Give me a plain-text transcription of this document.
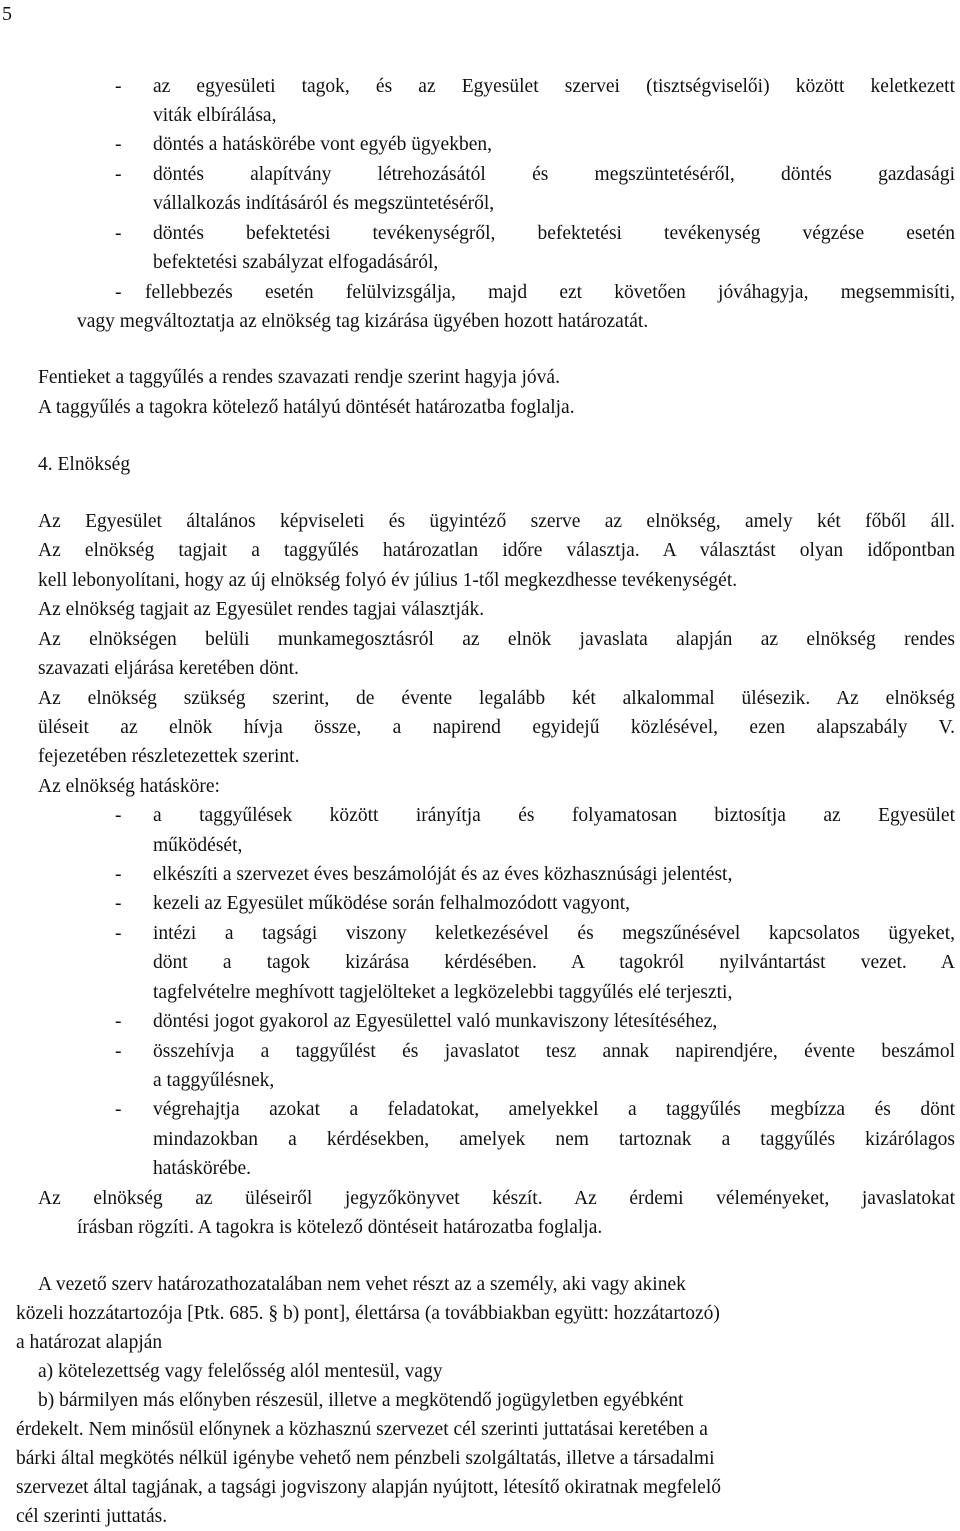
5
- az egyesületi tagok, és az Egyesület szervei (tisztségviselői) között keletkezett
viták elbírálása,
- döntés a hatáskörébe vont egyéb ügyekben,
- döntés alapítvány létrehozásától és megszüntetéséről, döntés gazdasági
vállalkozás indításáról és megszüntetéséről,
- döntés befektetési tevékenységről, befektetési tevékenység végzése esetén
befektetési szabályzat elfogadásáról,
- fellebbezés esetén felülvizsgálja, majd ezt követően jóváhagyja, megsemmisíti,
vagy megváltoztatja az elnökség tag kizárása ügyében hozott határozatát.
Fentieket a taggyűlés a rendes szavazati rendje szerint hagyja jóvá.
A taggyűlés a tagokra kötelező hatályú döntését határozatba foglalja.
4. Elnökség
Az Egyesület általános képviseleti és ügyintéző szerve az elnökség, amely két főből áll.
Az elnökség tagjait a taggyűlés határozatlan időre választja. A választást olyan időpontban
kell lebonyolítani, hogy az új elnökség folyó év július 1-től megkezdhesse tevékenységét.
Az elnökség tagjait az Egyesület rendes tagjai választják.
Az elnökségen belüli munkamegosztásról az elnök javaslata alapján az elnökség rendes
szavazati eljárása keretében dönt.
Az elnökség szükség szerint, de évente legalább két alkalommal ülésezik. Az elnökség
üléseit az elnök hívja össze, a napirend egyidejű közlésével, ezen alapszabály V.
fejezetében részletezettek szerint.
Az elnökség hatásköre:
- a taggyűlések között irányítja és folyamatosan biztosítja az Egyesület
működését,
- elkészíti a szervezet éves beszámolóját és az éves közhasznúsági jelentést,
- kezeli az Egyesület működése során felhalmozódott vagyont,
- intézi a tagsági viszony keletkezésével és megszűnésével kapcsolatos ügyeket,
dönt a tagok kizárása kérdésében. A tagokról nyilvántartást vezet. A
tagfelvételre meghívott tagjelölteket a legközelebbi taggyűlés elé terjeszti,
- döntési jogot gyakorol az Egyesülettel való munkaviszony létesítéséhez,
- összehívja a taggyűlést és javaslatot tesz annak napirendjére, évente beszámol
a taggyűlésnek,
- végrehajtja azokat a feladatokat, amelyekkel a taggyűlés megbízza és dönt
mindazokban a kérdésekben, amelyek nem tartoznak a taggyűlés kizárólagos
hatáskörébe.
Az elnökség az üléseiről jegyzőkönyvet készít. Az érdemi véleményeket, javaslatokat
írásban rögzíti. A tagokra is kötelező döntéseit határozatba foglalja.
A vezető szerv határozathozatalában nem vehet részt az a személy, aki vagy akinek
közeli hozzátartozója [Ptk. 685. § b) pont], élettársa (a továbbiakban együtt: hozzátartozó)
a határozat alapján
a) kötelezettség vagy felelősség alól mentesül, vagy
b) bármilyen más előnyben részesül, illetve a megkötendő jogügyletben egyébként
érdekelt. Nem minősül előnynek a közhasznú szervezet cél szerinti juttatásai keretében a
bárki által megkötés nélkül igénybe vehető nem pénzbeli szolgáltatás, illetve a társadalmi
szervezet által tagjának, a tagsági jogviszony alapján nyújtott, létesítő okiratnak megfelelő
cél szerinti juttatás.
